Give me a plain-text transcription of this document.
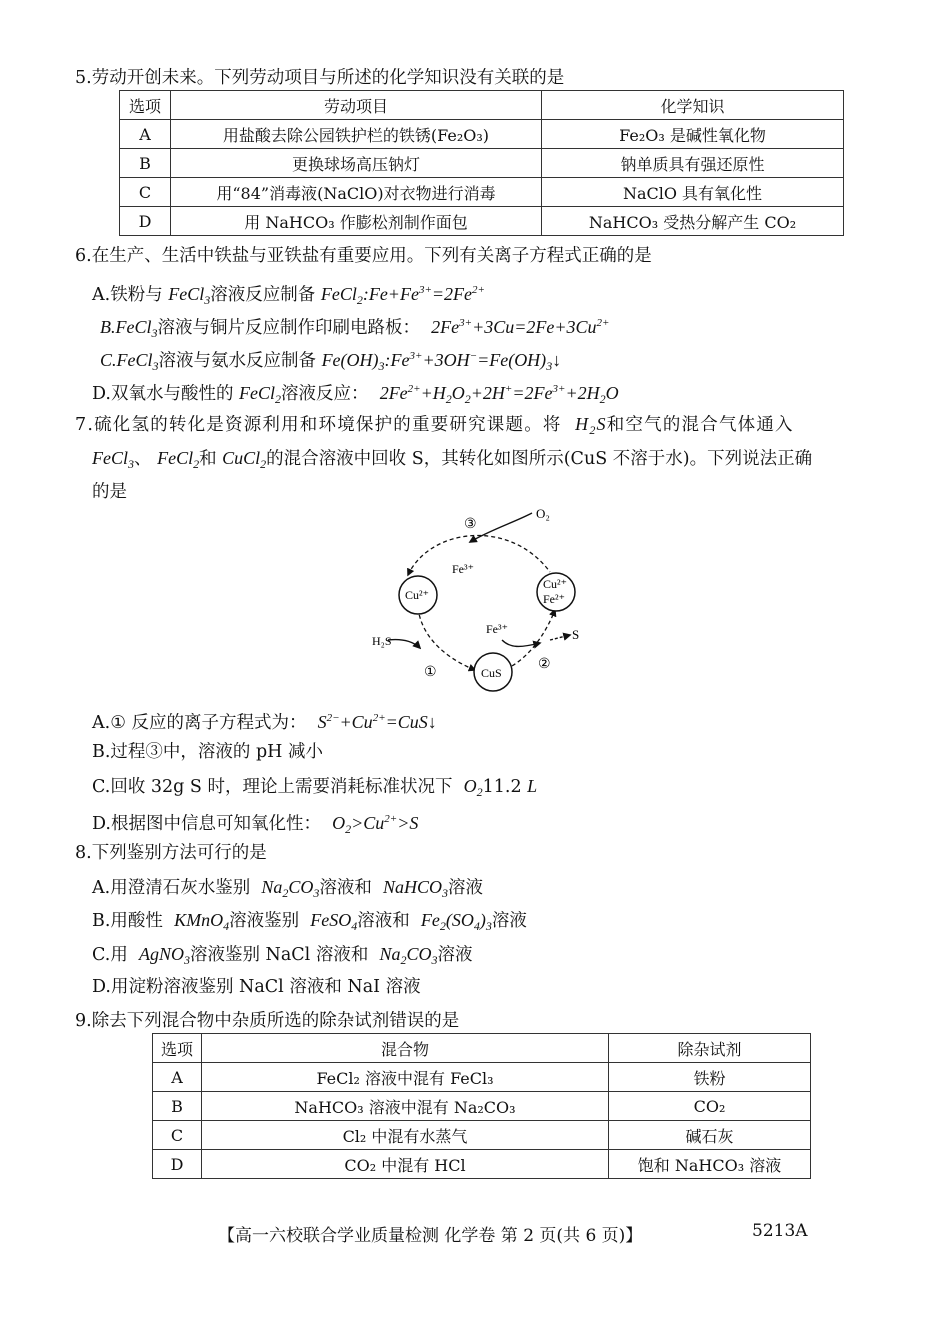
5.劳动开创未来。下列劳动项目与所述的化学知识没有关联的是
选项	劳动项目	化学知识
A	用盐酸去除公园铁护栏的铁锈(Fe₂O₃)	Fe₂O₃ 是碱性氧化物
B	更换球场高压钠灯	钠单质具有强还原性
C	用“84”消毒液(NaClO)对衣物进行消毒	NaClO 具有氧化性
D	用 NaHCO₃ 作膨松剂制作面包	NaHCO₃ 受热分解产生 CO₂
6.在生产、生活中铁盐与亚铁盐有重要应用。下列有关离子方程式正确的是
A.铁粉与 FeCl$_3$溶液反应制备 $FeCl_2:Fe+Fe^{3+}=2Fe^{2+}$
B.FeCl$_3$溶液与铜片反应制作印刷电路板： $2Fe^{3+}+3Cu=2Fe+3Cu^{2+}$
C.FeCl$_3$溶液与氨水反应制备 $Fe(OH)_3:Fe^{3+}+3OH^-=Fe(OH)_3↓$
D.双氧水与酸性的 FeCl$_2$溶液反应： $2Fe^{2+}+H_2O_2+2H^+=2Fe^{3+}+2H_2O$
7.硫化氢的转化是资源利用和环境保护的重要研究课题。将 $H_2S$和空气的混合气体通入
FeCl$_3$、 FeCl$_2$和 CuCl$_2$的混合溶液中回收 S，其转化如图所示(CuS 不溶于水)。下列说法正确
的是
O₂
③
Fe³⁺
Cu²⁺
Cu²⁺
Fe²⁺
H₂S
Fe³⁺	S
①	CuS
②
A.① 反应的离子方程式为： $S^{2-}+Cu^{2+}=CuS↓$
B.过程③中，溶液的 pH 减小
C.回收 32g S 时，理论上需要消耗标准状况下 $O_211.2$ L
D.根据图中信息可知氧化性： $O_2>Cu^{2+}>S$
8.下列鉴别方法可行的是
A.用澄清石灰水鉴别 $Na_2CO_3$溶液和 NaHCO$_3$溶液
B.用酸性 KMnO$_4$溶液鉴别 FeSO$_4$溶液和 $Fe_2(SO_4)_3$溶液
C.用 AgNO$_3$溶液鉴别 NaCl 溶液和 $Na_2CO_3$溶液
D.用淀粉溶液鉴别 NaCl 溶液和 NaI 溶液
9.除去下列混合物中杂质所选的除杂试剂错误的是
选项	混合物	除杂试剂
A	FeCl₂ 溶液中混有 FeCl₃	铁粉
B	NaHCO₃ 溶液中混有 Na₂CO₃	CO₂
C	Cl₂ 中混有水蒸气	碱石灰
D	CO₂ 中混有 HCl	饱和 NaHCO₃ 溶液
【高一六校联合学业质量检测 化学卷 第 2 页(共 6 页)】	5213A
